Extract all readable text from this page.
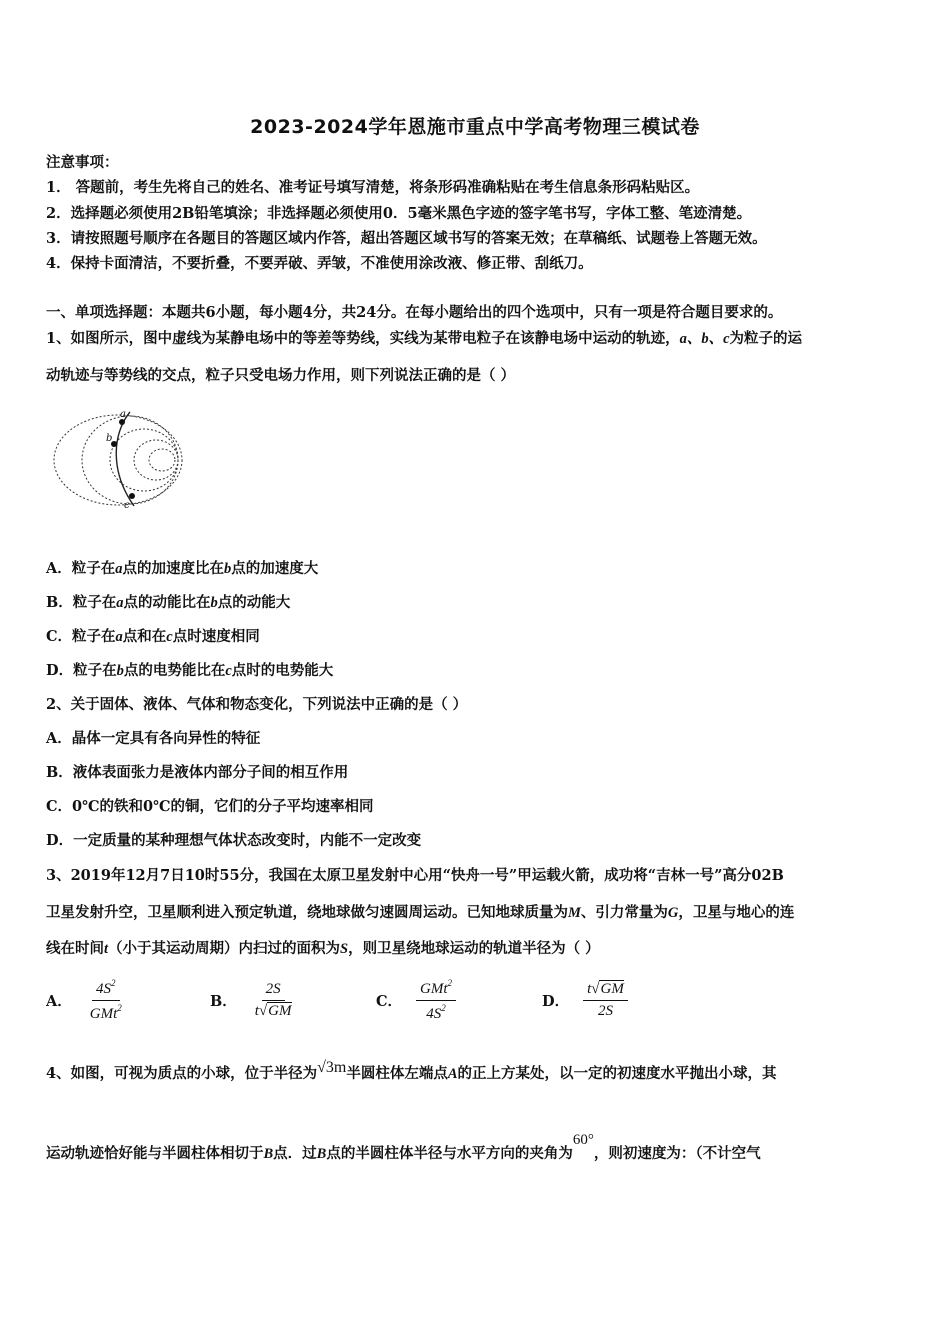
2023-2024学年恩施市重点中学高考物理三模试卷
注意事项：
1． 答题前，考生先将自己的姓名、准考证号填写清楚，将条形码准确粘贴在考生信息条形码粘贴区。
2．选择题必须使用2B铅笔填涂；非选择题必须使用0．5毫米黑色字迹的签字笔书写，字体工整、笔迹清楚。
3．请按照题号顺序在各题目的答题区域内作答，超出答题区域书写的答案无效；在草稿纸、试题卷上答题无效。
4．保持卡面清洁，不要折叠，不要弄破、弄皱，不准使用涂改液、修正带、刮纸刀。
一、单项选择题：本题共6小题，每小题4分，共24分。在每小题给出的四个选项中，只有一项是符合题目要求的。
1、如图所示，图中虚线为某静电场中的等差等势线，实线为某带电粒子在该静电场中运动的轨迹，a、b、c为粒子的运
动轨迹与等势线的交点，粒子只受电场力作用，则下列说法正确的是（ ）
a
b
c
A．粒子在a点的加速度比在b点的加速度大
B．粒子在a点的动能比在b点的动能大
C．粒子在a点和在c点时速度相同
D．粒子在b点的电势能比在c点时的电势能大
2、关于固体、液体、气体和物态变化，下列说法中正确的是（ ）
A．晶体一定具有各向异性的特征
B．液体表面张力是液体内部分子间的相互作用
C．0℃的铁和0℃的铜，它们的分子平均速率相同
D．一定质量的某种理想气体状态改变时，内能不一定改变
3、2019年12月7日10时55分，我国在太原卫星发射中心用“快舟一号”甲运载火箭，成功将“吉林一号”高分02B
卫星发射升空，卫星顺利进入预定轨道，绕地球做匀速圆周运动。已知地球质量为M、引力常量为G，卫星与地心的连
线在时间t（小于其运动周期）内扫过的面积为S，则卫星绕地球运动的轨道半径为（ ）
A． $\frac{4S^2}{GMt^2}$	B． $\frac{2S}{t√GM}$	C． $\frac{GMt^2}{4S^2}$	D． $\frac{t√GM}{2S}$
4、如图，可视为质点的小球，位于半径为√3m半圆柱体左端点A的正上方某处，以一定的初速度水平抛出小球，其
运动轨迹恰好能与半圆柱体相切于B点．过B点的半圆柱体半径与水平方向的夹角为60°，则初速度为：（不计空气
